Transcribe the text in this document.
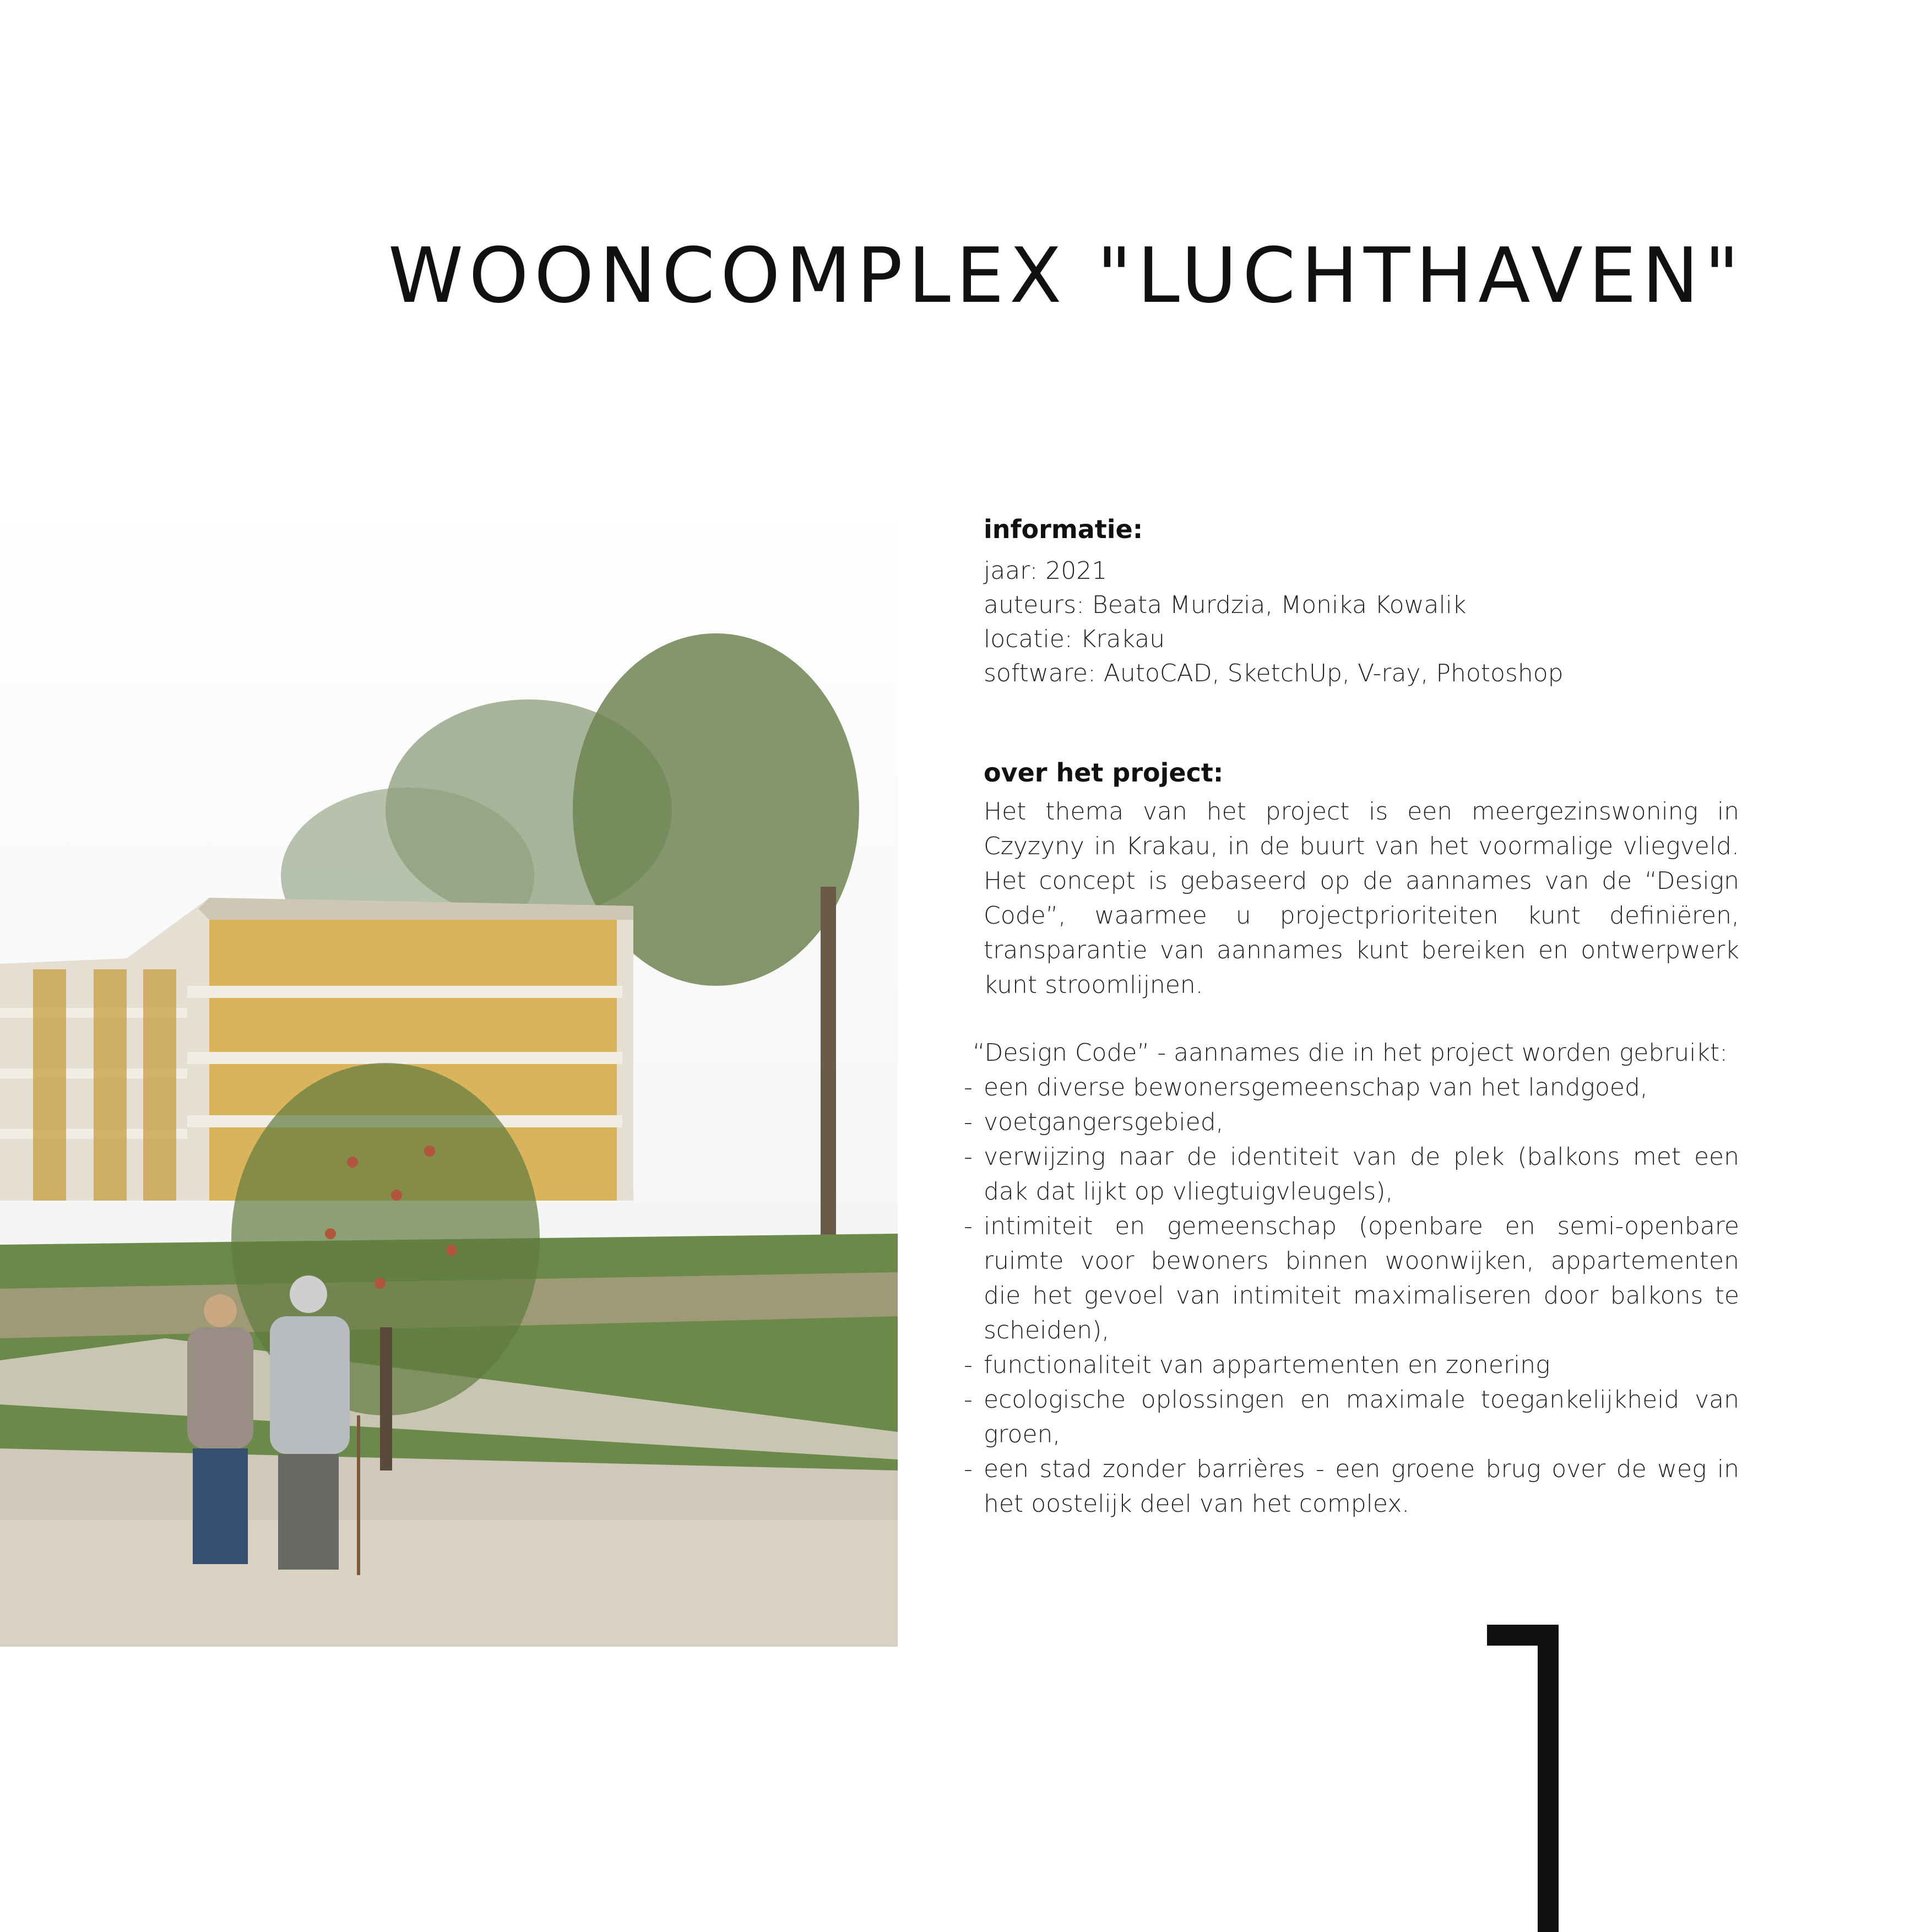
WOONCOMPLEX "LUCHTHAVEN"
informatie:

jaar: 2021

auteurs: Beata Murdzia, Monika Kowalik

locatie: Krakau

software: AutoCAD, SketchUp, V-ray, Photoshop

over het project:

Het thema van het project is een meergezinswoning in Czyzyny in Krakau, in de buurt van het voormalige vliegveld. Het concept is gebaseerd op de aannames van de “Design Code”, waarmee u projectprioriteiten kunt definiëren, transparantie van aannames kunt bereiken en ontwerpwerk kunt stroomlijnen.

“Design Code” - aannames die in het project worden gebruikt:

- een diverse bewonersgemeenschap van het landgoed,
- voetgangersgebied,
- verwijzing naar de identiteit van de plek (balkons met een dak dat lijkt op vliegtuigvleugels),
- intimiteit en gemeenschap (openbare en semi-openbare ruimte voor bewoners binnen woonwijken, appartementen die het gevoel van intimiteit maximaliseren door balkons te scheiden),
- functionaliteit van appartementen en zonering
- ecologische oplossingen en maximale toegankelijkheid van groen,
- een stad zonder barrières - een groene brug over de weg in het oostelijk deel van het complex.
